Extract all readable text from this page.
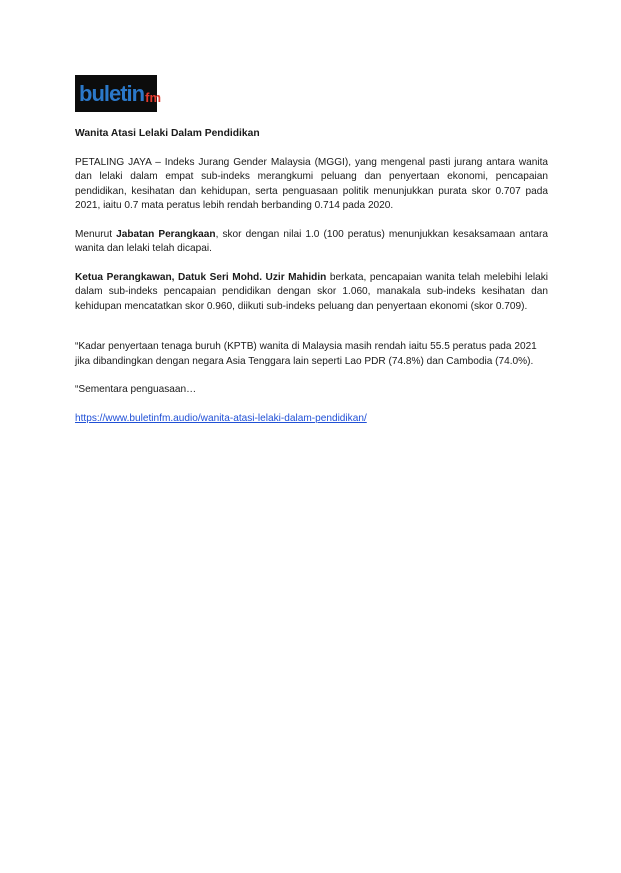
buletin fm
Wanita Atasi Lelaki Dalam Pendidikan

PETALING JAYA – Indeks Jurang Gender Malaysia (MGGI), yang mengenal pasti jurang antara wanita dan lelaki dalam empat sub-indeks merangkumi peluang dan penyertaan ekonomi, pencapaian pendidikan, kesihatan dan kehidupan, serta penguasaan politik menunjukkan purata skor 0.707 pada 2021, iaitu 0.7 mata peratus lebih rendah berbanding 0.714 pada 2020.

Menurut Jabatan Perangkaan, skor dengan nilai 1.0 (100 peratus) menunjukkan kesaksamaan antara wanita dan lelaki telah dicapai.

Ketua Perangkawan, Datuk Seri Mohd. Uzir Mahidin berkata, pencapaian wanita telah melebihi lelaki dalam sub-indeks pencapaian pendidikan dengan skor 1.060, manakala sub-indeks kesihatan dan kehidupan mencatatkan skor 0.960, diikuti sub-indeks peluang dan penyertaan ekonomi (skor 0.709).

“Kadar penyertaan tenaga buruh (KPTB) wanita di Malaysia masih rendah iaitu 55.5 peratus pada 2021 jika dibandingkan dengan negara Asia Tenggara lain seperti Lao PDR (74.8%) dan Cambodia (74.0%).

“Sementara penguasaan…

https://www.buletinfm.audio/wanita-atasi-lelaki-dalam-pendidikan/
